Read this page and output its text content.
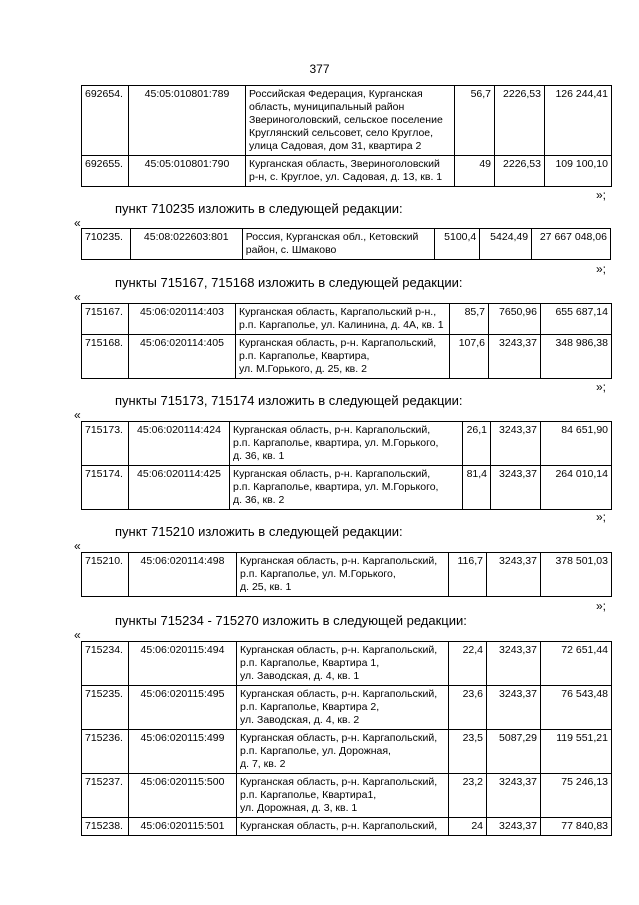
377
692654.	45:05:010801:789	Российская Федерация, Курганская
область, муниципальный район
Звериноголовский, сельское поселение
Круглянский сельсовет, село Круглое,
улица Садовая, дом 31, квартира 2	56,7	2226,53	126 244,41
692655.	45:05:010801:790	Курганская область, Звериноголовский
р-н, с. Круглое, ул. Садовая, д. 13, кв. 1	49	2226,53	109 100,10
»;
пункт 710235 изложить в следующей редакции:
«
710235.	45:08:022603:801	Россия, Курганская обл., Кетовский
район, с. Шмаково
	5100,4	5424,49	27 667 048,06
»;
пункты 715167, 715168 изложить в следующей редакции:
«
715167.	45:06:020114:403	Курганская область, Каргапольский р-н.,
р.п. Каргаполье, ул. Калинина, д. 4А, кв. 1	85,7	7650,96	655 687,14
715168.	45:06:020114:405	Курганская область, р-н. Каргапольский,
р.п. Каргаполье, Квартира,
ул. М.Горького, д. 25, кв. 2	107,6	3243,37	348 986,38
»;
пункты 715173, 715174 изложить в следующей редакции:
«
715173.	45:06:020114:424	Курганская область, р-н. Каргапольский,
р.п. Каргаполье, квартира, ул. М.Горького,
д. 36, кв. 1	26,1	3243,37	84 651,90
715174.	45:06:020114:425	Курганская область, р-н. Каргапольский,
р.п. Каргаполье, квартира, ул. М.Горького,
д. 36, кв. 2	81,4	3243,37	264 010,14
»;
пункт 715210 изложить в следующей редакции:
«
715210.	45:06:020114:498	Курганская область, р-н. Каргапольский,
р.п. Каргаполье, ул. М.Горького,
д. 25, кв. 1
	116,7	3243,37	378 501,03
»;
пункты 715234 - 715270 изложить в следующей редакции:
«
715234.	45:06:020115:494	Курганская область, р-н. Каргапольский,
р.п. Каргаполье, Квартира 1,
ул. Заводская, д. 4, кв. 1	22,4	3243,37	72 651,44
715235.	45:06:020115:495	Курганская область, р-н. Каргапольский,
р.п. Каргаполье, Квартира 2,
ул. Заводская, д. 4, кв. 2	23,6	3243,37	76 543,48
715236.	45:06:020115:499	Курганская область, р-н. Каргапольский,
р.п. Каргаполье, ул. Дорожная,
д. 7, кв. 2	23,5	5087,29	119 551,21
715237.	45:06:020115:500	Курганская область, р-н. Каргапольский,
р.п. Каргаполье, Квартира1,
ул. Дорожная, д. 3, кв. 1	23,2	3243,37	75 246,13
715238.	45:06:020115:501	Курганская область, р-н. Каргапольский,	24	3243,37	77 840,83
